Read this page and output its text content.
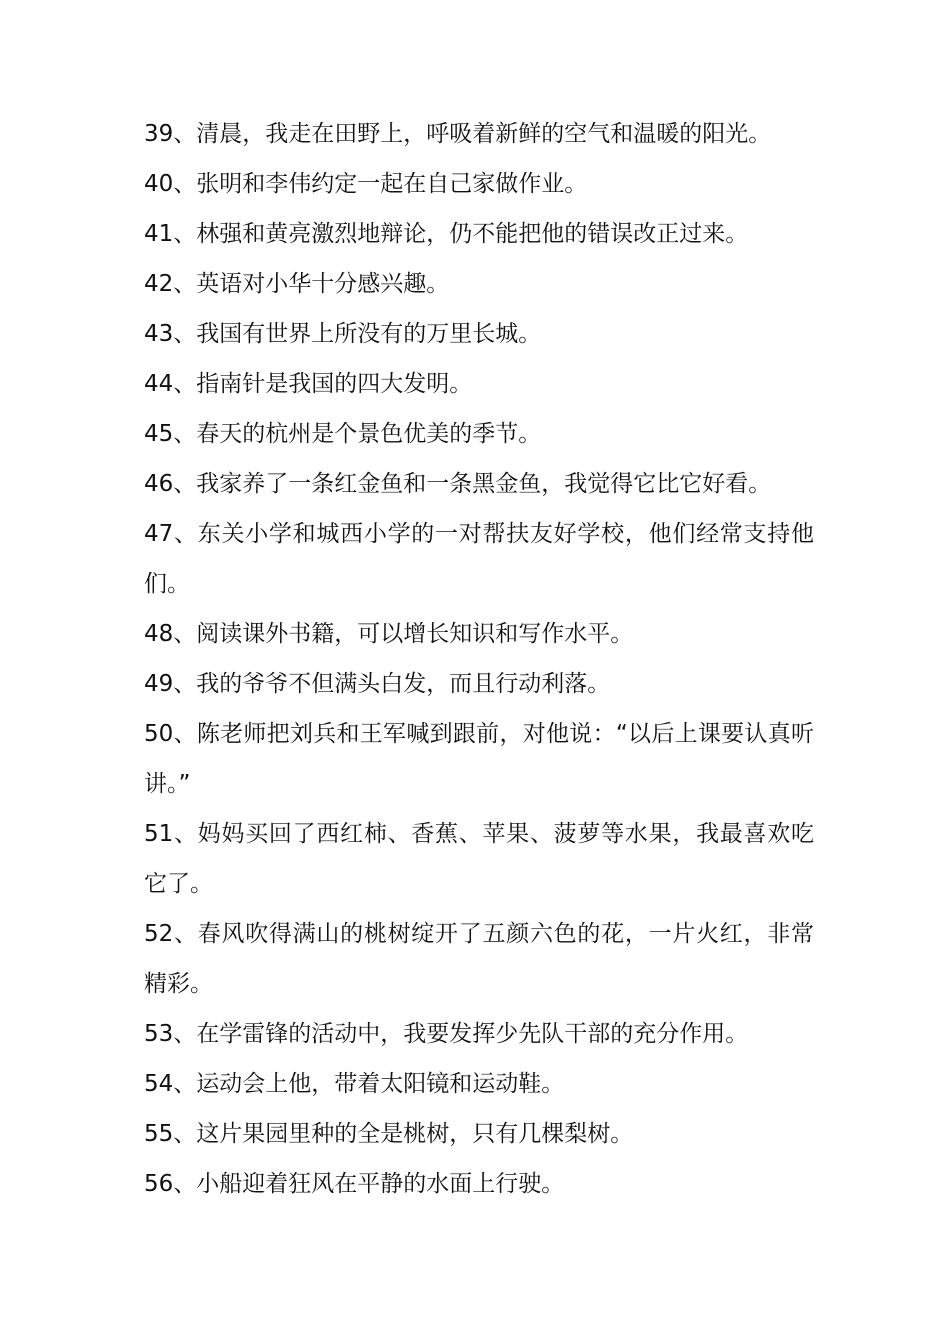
39、清晨，我走在田野上，呼吸着新鲜的空气和温暖的阳光。

40、张明和李伟约定一起在自己家做作业。

41、林强和黄亮激烈地辩论，仍不能把他的错误改正过来。

42、英语对小华十分感兴趣。

43、我国有世界上所没有的万里长城。

44、指南针是我国的四大发明。

45、春天的杭州是个景色优美的季节。

46、我家养了一条红金鱼和一条黑金鱼，我觉得它比它好看。

47、东关小学和城西小学的一对帮扶友好学校，他们经常支持他们。

48、阅读课外书籍，可以增长知识和写作水平。

49、我的爷爷不但满头白发，而且行动利落。

50、陈老师把刘兵和王军喊到跟前，对他说：“以后上课要认真听讲。”

51、妈妈买回了西红柿、香蕉、苹果、菠萝等水果，我最喜欢吃它了。

52、春风吹得满山的桃树绽开了五颜六色的花，一片火红，非常精彩。

53、在学雷锋的活动中，我要发挥少先队干部的充分作用。

54、运动会上他，带着太阳镜和运动鞋。

55、这片果园里种的全是桃树，只有几棵梨树。

56、小船迎着狂风在平静的水面上行驶。
